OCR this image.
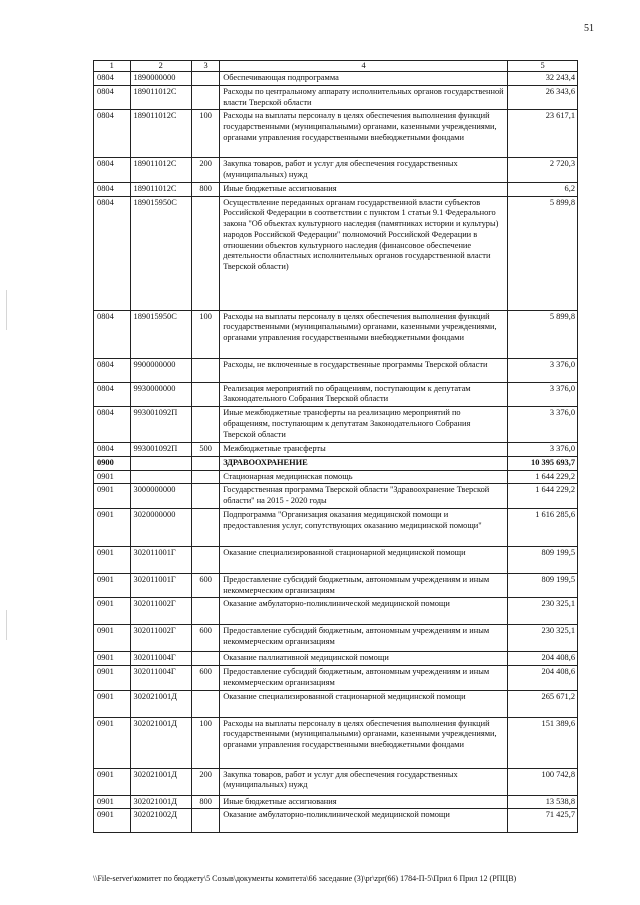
51
1	2	3	4	5
0804	1890000000		Обеспечивающая подпрограмма	32 243,4
0804	189011012С		Расходы по центральному аппарату исполнительных органов государственной власти Тверской области	26 343,6
0804	189011012С	100	Расходы на выплаты персоналу в целях обеспечения выполнения функций государственными (муниципальными) органами, казенными учреждениями, органами управления государственными внебюджетными фондами	23 617,1
0804	189011012С	200	Закупка товаров, работ и услуг для обеспечения государственных (муниципальных) нужд	2 720,3
0804	189011012С	800	Иные бюджетные ассигнования	6,2
0804	189015950С		Осуществление переданных органам государственной власти субъектов Российской Федерации в соответствии с пунктом 1 статьи 9.1 Федерального закона "Об объектах культурного наследия (памятниках истории и культуры) народов Российской Федерации" полномочий Российской Федерации в отношении объектов культурного наследия (финансовое обеспечение деятельности областных исполнительных органов государственной власти Тверской области)	5 899,8
0804	189015950С	100	Расходы на выплаты персоналу в целях обеспечения выполнения функций государственными (муниципальными) органами, казенными учреждениями, органами управления государственными внебюджетными фондами	5 899,8
0804	9900000000		Расходы, не включенные в государственные программы Тверской области	3 376,0
0804	9930000000		Реализация мероприятий по обращениям, поступающим к депутатам Законодательного Собрания Тверской области	3 376,0
0804	993001092П		Иные межбюджетные трансферты на реализацию мероприятий по обращениям, поступающим к депутатам Законодательного Собрания Тверской области	3 376,0
0804	993001092П	500	Межбюджетные трансферты	3 376,0
0900			ЗДРАВООХРАНЕНИЕ	10 395 693,7
0901			Стационарная медицинская помощь	1 644 229,2
0901	3000000000		Государственная программа Тверской области "Здравоохранение Тверской области" на 2015 - 2020 годы	1 644 229,2
0901	3020000000		Подпрограмма "Организация оказания медицинской помощи и предоставления услуг, сопутствующих оказанию медицинской помощи"	1 616 285,6
0901	302011001Г		Оказание специализированной стационарной медицинской помощи	809 199,5
0901	302011001Г	600	Предоставление субсидий бюджетным, автономным учреждениям и иным некоммерческим организациям	809 199,5
0901	302011002Г		Оказание амбулаторно-поликлинической медицинской помощи	230 325,1
0901	302011002Г	600	Предоставление субсидий бюджетным, автономным учреждениям и иным некоммерческим организациям	230 325,1
0901	302011004Г		Оказание паллиативной медицинской помощи	204 408,6
0901	302011004Г	600	Предоставление субсидий бюджетным, автономным учреждениям и иным некоммерческим организациям	204 408,6
0901	302021001Д		Оказание специализированной стационарной медицинской помощи	265 671,2
0901	302021001Д	100	Расходы на выплаты персоналу в целях обеспечения выполнения функций государственными (муниципальными) органами, казенными учреждениями, органами управления государственными внебюджетными фондами	151 389,6
0901	302021001Д	200	Закупка товаров, работ и услуг для обеспечения государственных (муниципальных) нужд	100 742,8
0901	302021001Д	800	Иные бюджетные ассигнования	13 538,8
0901	302021002Д		Оказание амбулаторно-поликлинической медицинской помощи	71 425,7
\\File-server\комитет по бюджету\5 Созыв\документы комитета\66 заседание (3)\pr\zpr(66) 1784-П-5\Прил 6 Прил 12 (РПЦВ)
